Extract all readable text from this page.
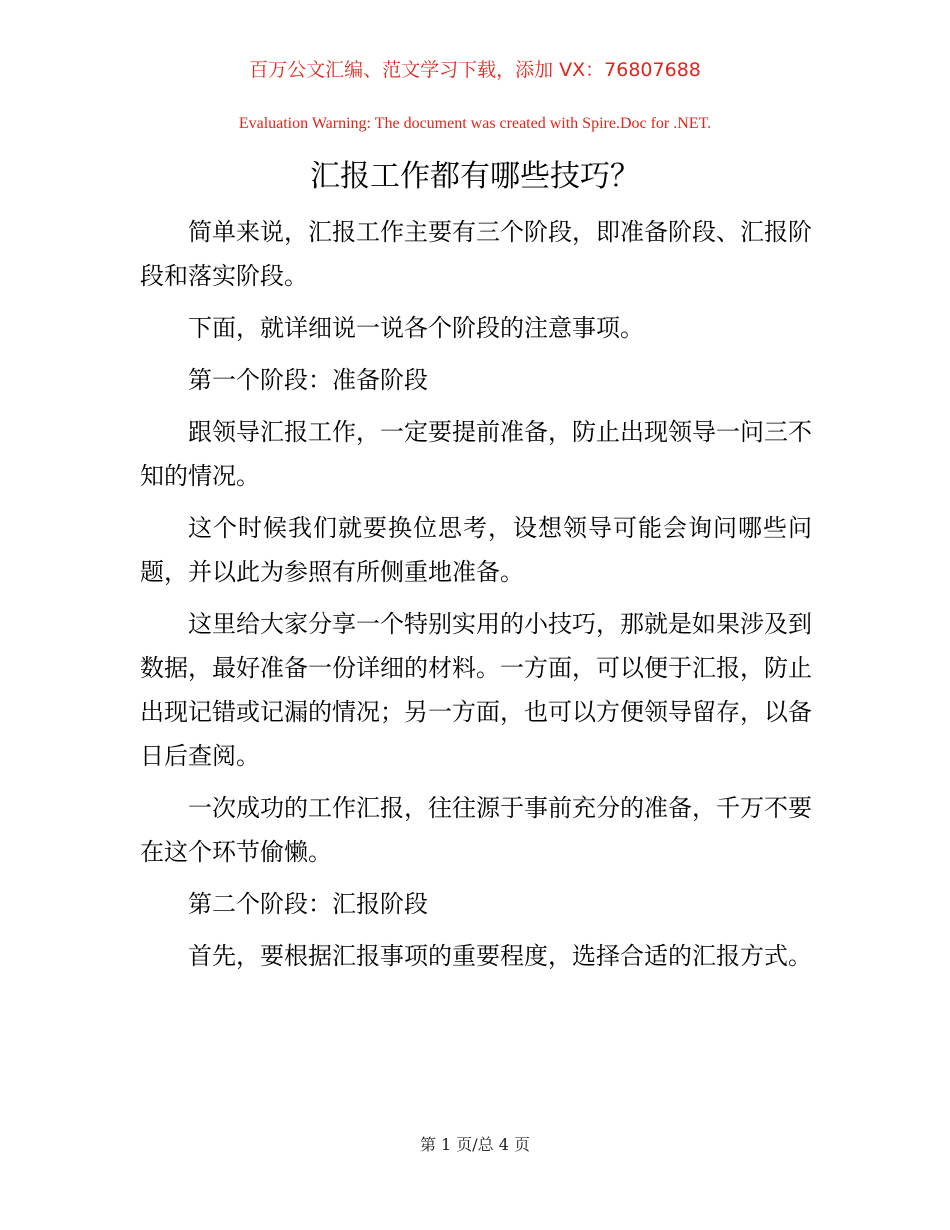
百万公文汇编、范文学习下载，添加 VX：76807688
Evaluation Warning: The document was created with Spire.Doc for .NET.
汇报工作都有哪些技巧？

简单来说，汇报工作主要有三个阶段，即准备阶段、汇报阶段和落实阶段。

下面，就详细说一说各个阶段的注意事项。

第一个阶段：准备阶段

跟领导汇报工作，一定要提前准备，防止出现领导一问三不知的情况。

这个时候我们就要换位思考，设想领导可能会询问哪些问题，并以此为参照有所侧重地准备。

这里给大家分享一个特别实用的小技巧，那就是如果涉及到数据，最好准备一份详细的材料。一方面，可以便于汇报，防止出现记错或记漏的情况；另一方面，也可以方便领导留存，以备日后查阅。

一次成功的工作汇报，往往源于事前充分的准备，千万不要在这个环节偷懒。

第二个阶段：汇报阶段

首先，要根据汇报事项的重要程度，选择合适的汇报方式。

第 1 页/总 4 页
